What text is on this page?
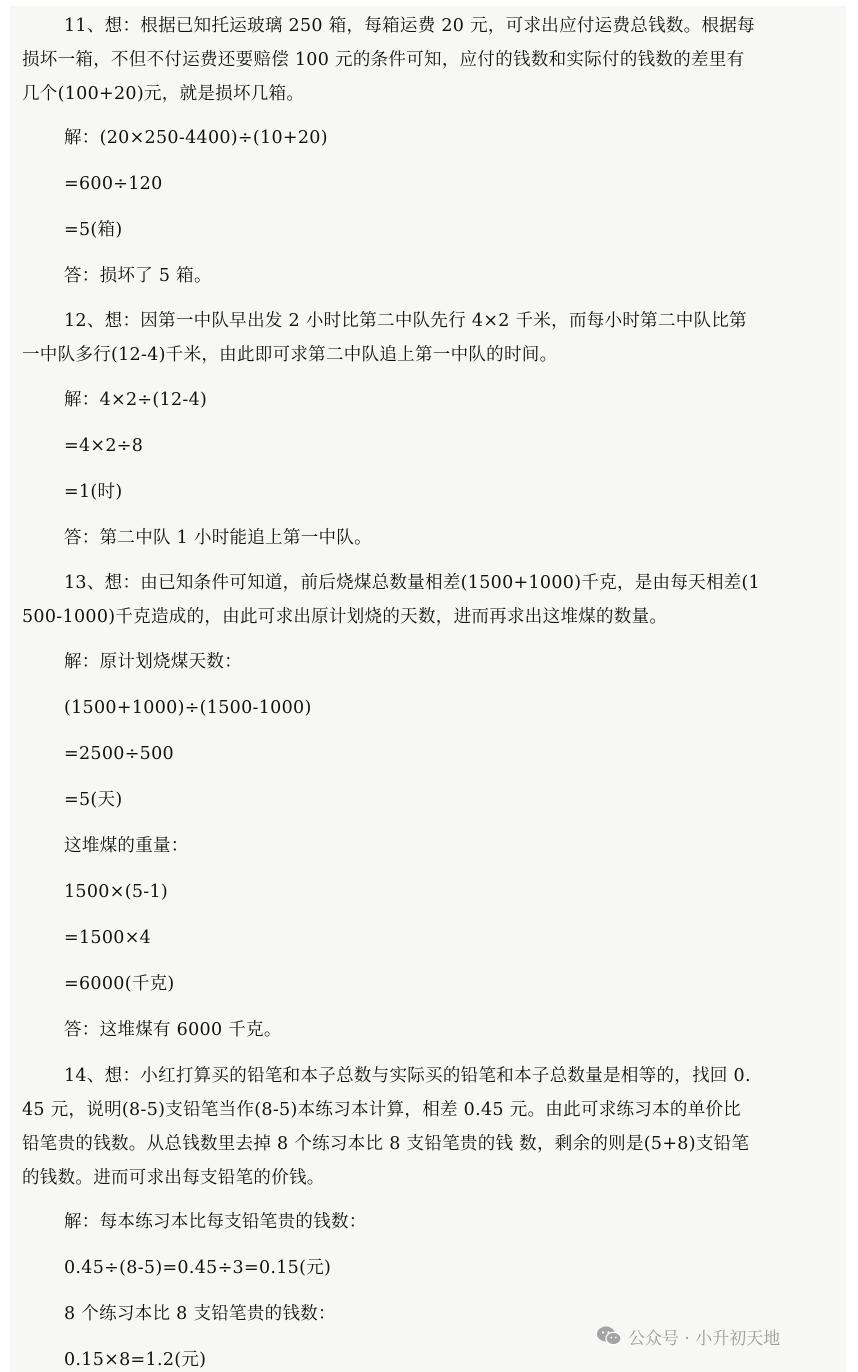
11、想：根据已知托运玻璃 250 箱，每箱运费 20 元，可求出应付运费总钱数。根据每
损坏一箱，不但不付运费还要赔偿 100 元的条件可知，应付的钱数和实际付的钱数的差里有
几个(100+20)元，就是损坏几箱。
解：(20×250-4400)÷(10+20)
=600÷120
=5(箱)
答：损坏了 5 箱。
12、想：因第一中队早出发 2 小时比第二中队先行 4×2 千米，而每小时第二中队比第
一中队多行(12-4)千米，由此即可求第二中队追上第一中队的时间。
解：4×2÷(12-4)
=4×2÷8
=1(时)
答：第二中队 1 小时能追上第一中队。
13、想：由已知条件可知道，前后烧煤总数量相差(1500+1000)千克，是由每天相差(1
500-1000)千克造成的，由此可求出原计划烧的天数，进而再求出这堆煤的数量。
解：原计划烧煤天数：
(1500+1000)÷(1500-1000)
=2500÷500
=5(天)
这堆煤的重量：
1500×(5-1)
=1500×4
=6000(千克)
答：这堆煤有 6000 千克。
14、想：小红打算买的铅笔和本子总数与实际买的铅笔和本子总数量是相等的，找回 0.
45 元，说明(8-5)支铅笔当作(8-5)本练习本计算，相差 0.45 元。由此可求练习本的单价比
铅笔贵的钱数。从总钱数里去掉 8 个练习本比 8 支铅笔贵的钱 数，剩余的则是(5+8)支铅笔
的钱数。进而可求出每支铅笔的价钱。
解：每本练习本比每支铅笔贵的钱数：
0.45÷(8-5)=0.45÷3=0.15(元)
8 个练习本比 8 支铅笔贵的钱数：
0.15×8=1.2(元)
公众号 · 小升初天地
